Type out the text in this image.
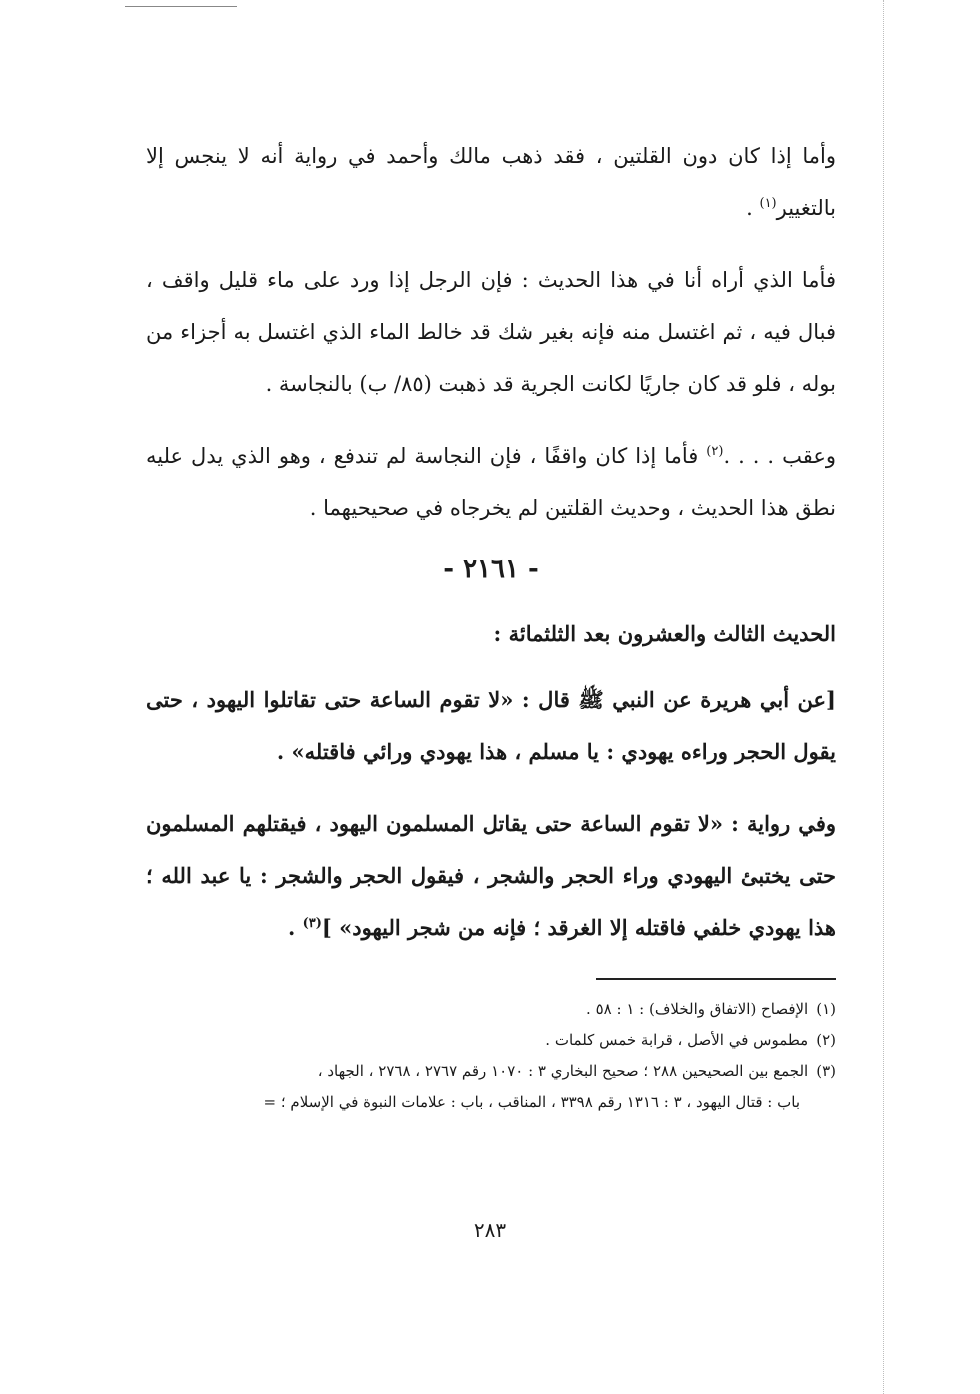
وأما إذا كان دون القلتين ، فقد ذهب مالك وأحمد في رواية أنه لا ينجس إلا بالتغيير$^{(١)}$ .

فأما الذي أراه أنا في هذا الحديث : فإن الرجل إذا ورد على ماء قليل واقف ، فبال فيه ، ثم اغتسل منه فإنه بغير شك قد خالط الماء الذي اغتسل به أجزاء من بوله ، فلو قد كان جاريًا لكانت الجرية قد ذهبت (٨٥/ ب) بالنجاسة .

وعقب . . . .$^{(٢)}$ فأما إذا كان واقفًا ، فإن النجاسة لم تندفع ، وهو الذي يدل عليه نطق هذا الحديث ، وحديث القلتين لم يخرجاه في صحيحيهما .

- ٢١٦١ -
الحديث الثالث والعشرون بعد الثلثمائة :

[عن أبي هريرة عن النبي ﷺ قال : «لا تقوم الساعة حتى تقاتلوا اليهود ، حتى يقول الحجر وراءه يهودي : يا مسلم ، هذا يهودي ورائي فاقتله» .

وفي رواية : «لا تقوم الساعة حتى يقاتل المسلمون اليهود ، فيقتلهم المسلمون حتى يختبئ اليهودي وراء الحجر والشجر ، فيقول الحجر والشجر : يا عبد الله ؛ هذا يهودي خلفي فاقتله إلا الغرقد ؛ فإنه من شجر اليهود» ]$^{(٣)}$ .

(١)الإفصاح (الاتفاق والخلاف) : ١ : ٥٨ .

(٢)مطموس في الأصل ، قرابة خمس كلمات .

(٣)الجمع بين الصحيحين ٢٨٨ ؛ صحيح البخاري ٣ : ١٠٧٠ رقم ٢٧٦٧ ، ٢٧٦٨ ، الجهاد ،

باب : قتال اليهود ، ٣ : ١٣١٦ رقم ٣٣٩٨ ، المناقب ، باب : علامات النبوة في الإسلام ؛ =

٢٨٣
